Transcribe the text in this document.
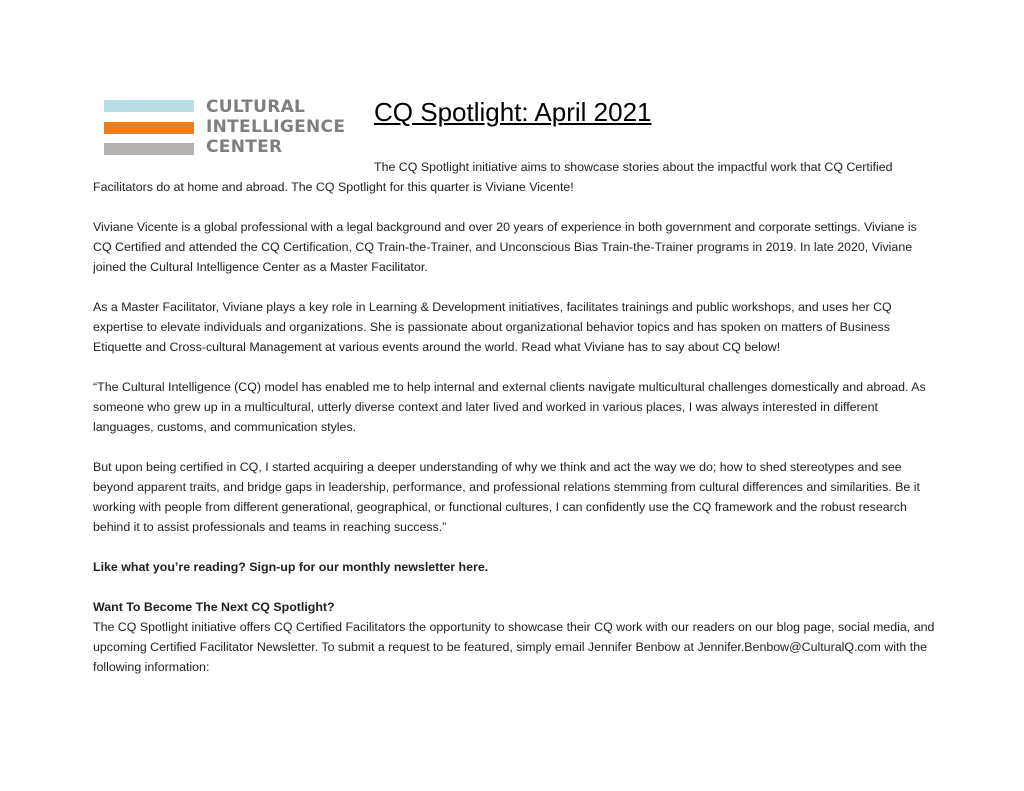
CULTURAL
INTELLIGENCE
CENTER
CQ Spotlight: April 2021

The CQ Spotlight initiative aims to showcase stories about the impactful work that CQ Certified Facilitators do at home and abroad. The CQ Spotlight for this quarter is Viviane Vicente!

Viviane Vicente is a global professional with a legal background and over 20 years of experience in both government and corporate settings. Viviane is CQ Certified and attended the CQ Certification, CQ Train-the-Trainer, and Unconscious Bias Train-the-Trainer programs in 2019. In late 2020, Viviane joined the Cultural Intelligence Center as a Master Facilitator.

As a Master Facilitator, Viviane plays a key role in Learning & Development initiatives, facilitates trainings and public workshops, and uses her CQ expertise to elevate individuals and organizations. She is passionate about organizational behavior topics and has spoken on matters of Business Etiquette and Cross-cultural Management at various events around the world. Read what Viviane has to say about CQ below!

“The Cultural Intelligence (CQ) model has enabled me to help internal and external clients navigate multicultural challenges domestically and abroad. As someone who grew up in a multicultural, utterly diverse context and later lived and worked in various places, I was always interested in different languages, customs, and communication styles.

But upon being certified in CQ, I started acquiring a deeper understanding of why we think and act the way we do; how to shed stereotypes and see beyond apparent traits, and bridge gaps in leadership, performance, and professional relations stemming from cultural differences and similarities. Be it working with people from different generational, geographical, or functional cultures, I can confidently use the CQ framework and the robust research behind it to assist professionals and teams in reaching success.”

Like what you’re reading? Sign-up for our monthly newsletter here.

Want To Become The Next CQ Spotlight?

The CQ Spotlight initiative offers CQ Certified Facilitators the opportunity to showcase their CQ work with our readers on our blog page, social media, and upcoming Certified Facilitator Newsletter. To submit a request to be featured, simply email Jennifer Benbow at Jennifer.Benbow@CulturalQ.com with the following information:
